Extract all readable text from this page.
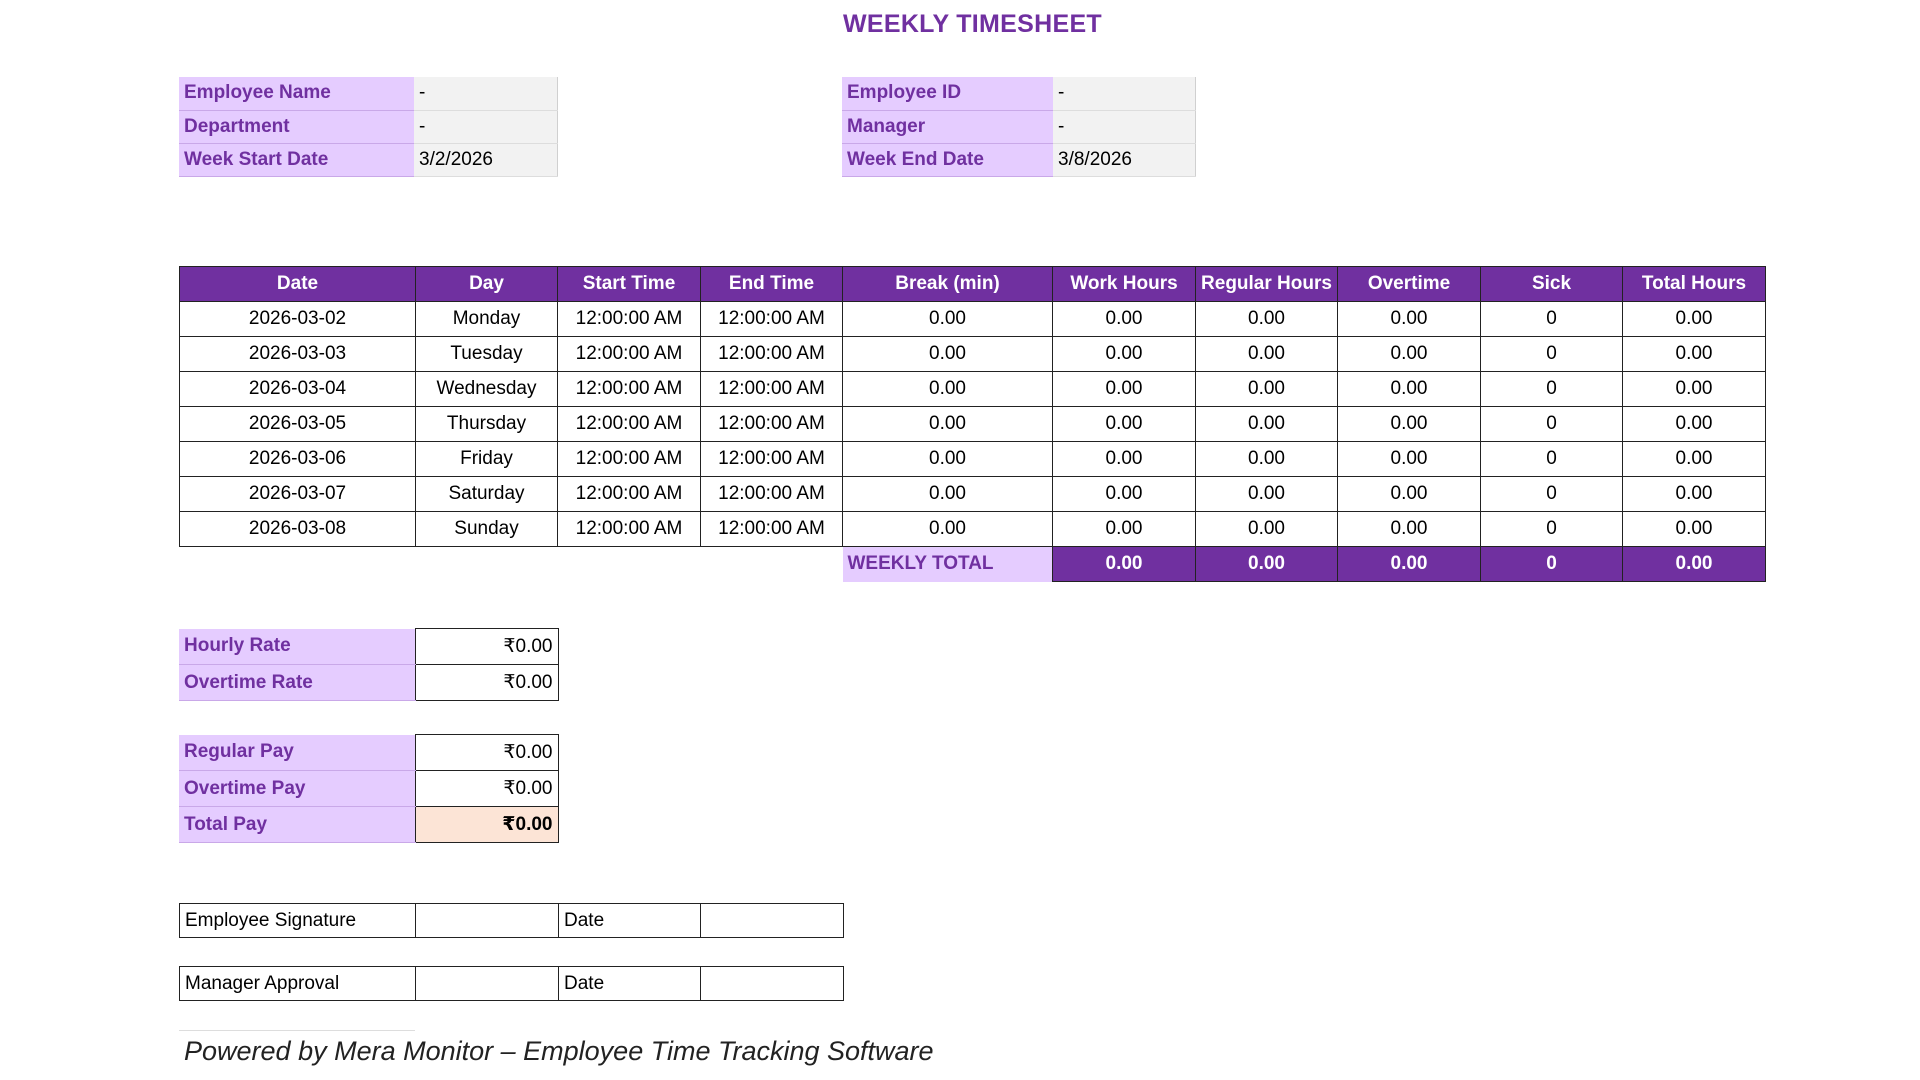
WEEKLY TIMESHEET
Employee Name	-
Department	-
Week Start Date	3/2/2026
Employee ID	-
Manager	-
Week End Date	3/8/2026
Date	Day	Start Time	End Time	Break (min)	Work Hours	Regular Hours	Overtime	Sick	Total Hours
2026-03-02	Monday	12:00:00 AM	12:00:00 AM	0.00	0.00	0.00	0.00	0	0.00
2026-03-03	Tuesday	12:00:00 AM	12:00:00 AM	0.00	0.00	0.00	0.00	0	0.00
2026-03-04	Wednesday	12:00:00 AM	12:00:00 AM	0.00	0.00	0.00	0.00	0	0.00
2026-03-05	Thursday	12:00:00 AM	12:00:00 AM	0.00	0.00	0.00	0.00	0	0.00
2026-03-06	Friday	12:00:00 AM	12:00:00 AM	0.00	0.00	0.00	0.00	0	0.00
2026-03-07	Saturday	12:00:00 AM	12:00:00 AM	0.00	0.00	0.00	0.00	0	0.00
2026-03-08	Sunday	12:00:00 AM	12:00:00 AM	0.00	0.00	0.00	0.00	0	0.00
				WEEKLY TOTAL	0.00	0.00	0.00	0	0.00
Hourly Rate	₹0.00
Overtime Rate	₹0.00

Regular Pay	₹0.00
Overtime Pay	₹0.00
Total Pay	₹0.00
Employee Signature		Date	
Manager Approval		Date	
Powered by Mera Monitor – Employee Time Tracking Software
